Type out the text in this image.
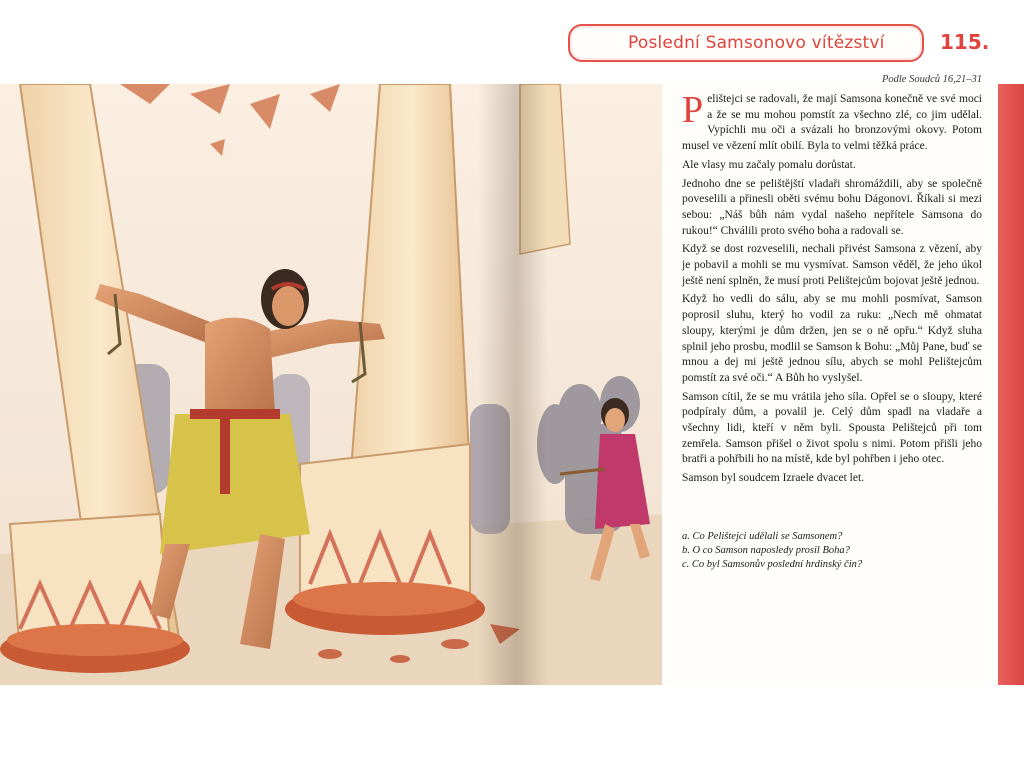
Poslední Samsonovo vítězství	115.
Podle Soudců 16,21–31

Pelištejci se radovali, že mají Samsona konečně ve své moci a že se mu mohou pomstít za všechno zlé, co jim udělal. Vypíchli mu oči a svázali ho bronzovými okovy. Potom musel ve vězení mlít obilí. Byla to velmi těžká práce.

Ale vlasy mu začaly pomalu dorůstat.

Jednoho dne se pelištějští vladaři shromáždili, aby se společně poveselili a přinesli oběti svému bohu Dágonovi. Říkali si mezi sebou: „Náš bůh nám vydal našeho nepřítele Samsona do rukou!“ Chválili proto svého boha a radovali se.

Když se dost rozveselili, nechali přivést Samsona z vězení, aby je pobavil a mohli se mu vysmívat. Samson věděl, že jeho úkol ještě není splněn, že musí proti Pelištejcům bojovat ještě jednou.

Když ho vedli do sálu, aby se mu mohli posmívat, Samson poprosil sluhu, který ho vodil za ruku: „Nech mě ohmatat sloupy, kterými je dům držen, jen se o ně opřu.“ Když sluha splnil jeho prosbu, modlil se Samson k Bohu: „Můj Pane, buď se mnou a dej mi ještě jednou sílu, abych se mohl Pelištejcům pomstít za své oči.“ A Bůh ho vyslyšel.

Samson cítil, že se mu vrátila jeho síla. Opřel se o sloupy, které podpíraly dům, a povalil je. Celý dům spadl na vladaře a všechny lidi, kteří v něm byli. Spousta Pelištejců při tom zemřela. Samson přišel o život spolu s nimi. Potom přišli jeho bratři a pohřbili ho na místě, kde byl pohřben i jeho otec.

Samson byl soudcem Izraele dvacet let.

a. Co Pelištejci udělali se Samsonem?
b. O co Samson naposledy prosil Boha?
c. Co byl Samsonův poslední hrdinský čin?
